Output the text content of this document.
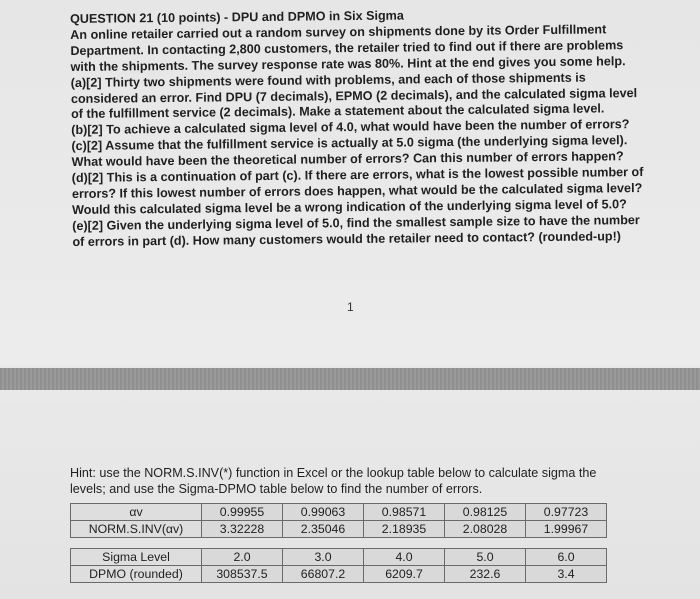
QUESTION 21 (10 points) - DPU and DPMO in Six Sigma

An online retailer carried out a random survey on shipments done by its Order Fulfillment

Department. In contacting 2,800 customers, the retailer tried to find out if there are problems

with the shipments. The survey response rate was 80%. Hint at the end gives you some help.

(a)[2] Thirty two shipments were found with problems, and each of those shipments is

considered an error. Find DPU (7 decimals), EPMO (2 decimals), and the calculated sigma level

of the fulfillment service (2 decimals). Make a statement about the calculated sigma level.

(b)[2] To achieve a calculated sigma level of 4.0, what would have been the number of errors?

(c)[2] Assume that the fulfillment service is actually at 5.0 sigma (the underlying sigma level).

What would have been the theoretical number of errors? Can this number of errors happen?

(d)[2] This is a continuation of part (c). If there are errors, what is the lowest possible number of

errors? If this lowest number of errors does happen, what would be the calculated sigma level?

Would this calculated sigma level be a wrong indication of the underlying sigma level of 5.0?

(e)[2] Given the underlying sigma level of 5.0, find the smallest sample size to have the number

of errors in part (d). How many customers would the retailer need to contact? (rounded-up!)

1

Hint: use the NORM.S.INV(*) function in Excel or the lookup table below to calculate sigma the

levels; and use the Sigma-DPMO table below to find the number of errors.

αv	0.99955	0.99063	0.98571	0.98125	0.97723
NORM.S.INV(αv)	3.32228	2.35046	2.18935	2.08028	1.99967
Sigma Level	2.0	3.0	4.0	5.0	6.0
DPMO (rounded)	308537.5	66807.2	6209.7	232.6	3.4
